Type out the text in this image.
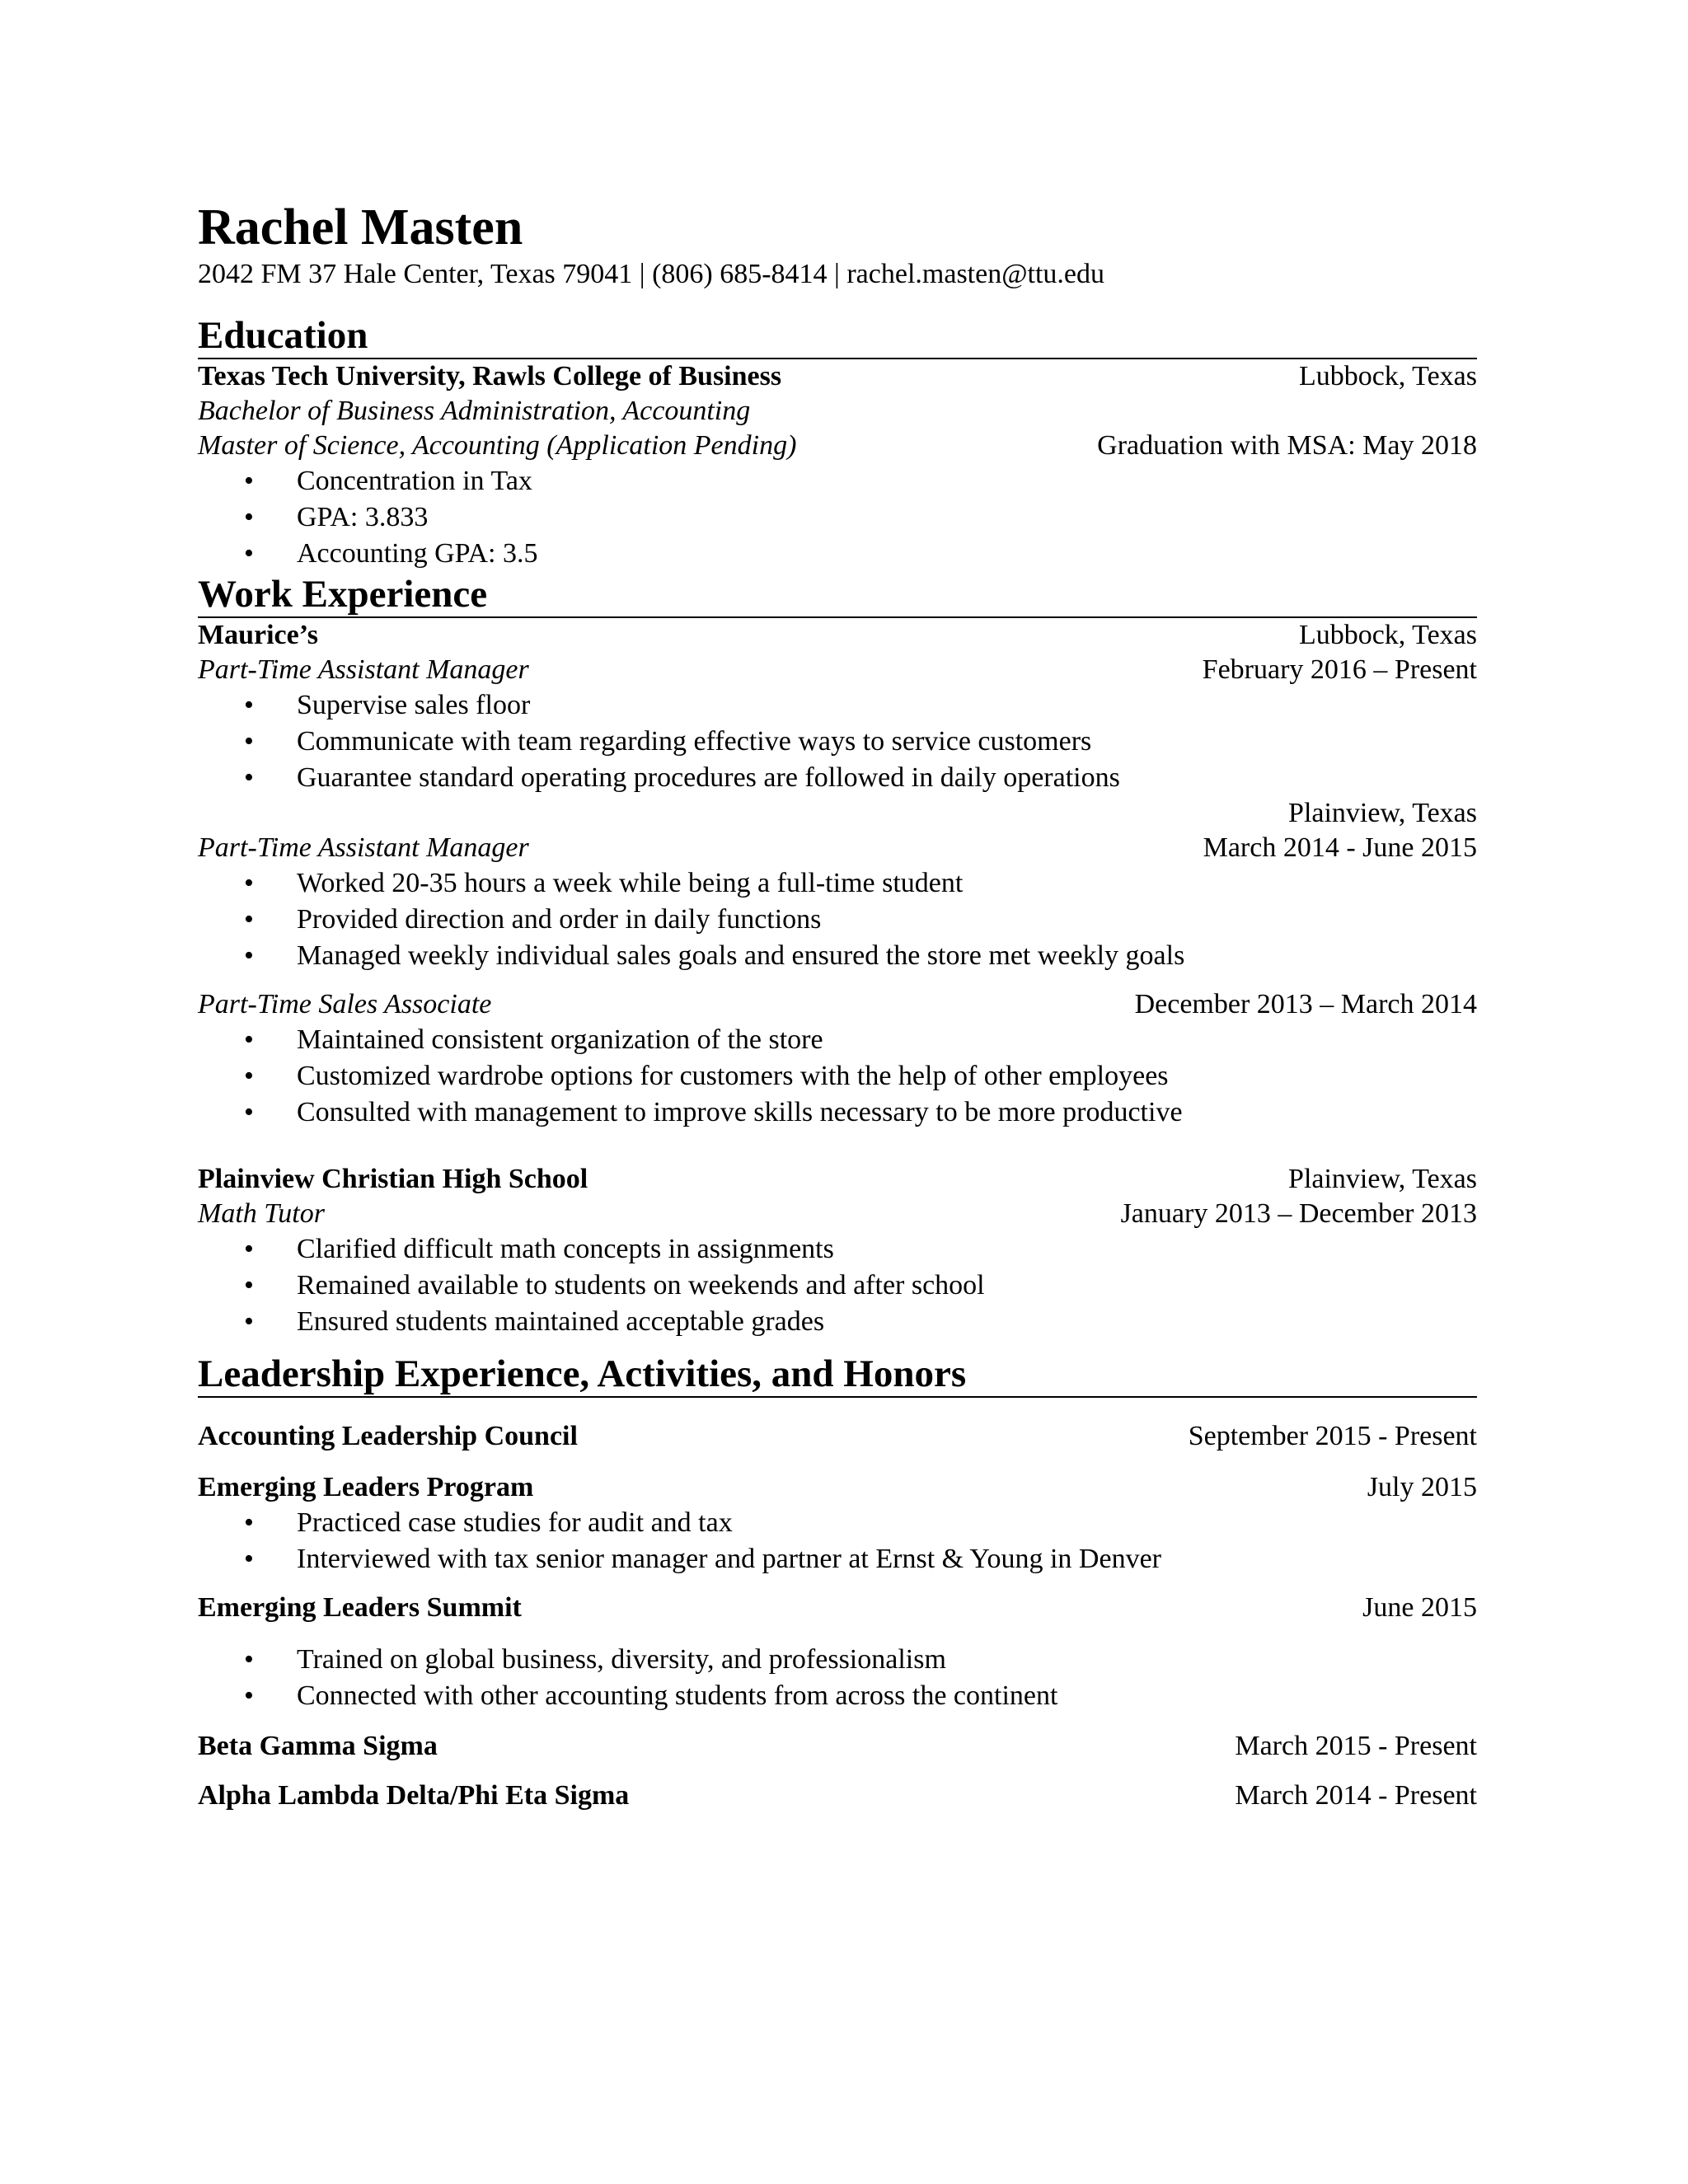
Rachel Masten
2042 FM 37 Hale Center, Texas 79041 | (806) 685-8414 | rachel.masten@ttu.edu
Education
Texas Tech University, Rawls College of Business	Lubbock, Texas
Bachelor of Business Administration, Accounting
Master of Science, Accounting (Application Pending)	Graduation with MSA: May 2018
• Concentration in Tax
• GPA: 3.833
• Accounting GPA: 3.5
Work Experience
Maurice’s	Lubbock, Texas
Part-Time Assistant Manager	February 2016 – Present
• Supervise sales floor
• Communicate with team regarding effective ways to service customers
• Guarantee standard operating procedures are followed in daily operations
Plainview, Texas
Part-Time Assistant Manager	March 2014 - June 2015
• Worked 20-35 hours a week while being a full-time student
• Provided direction and order in daily functions
• Managed weekly individual sales goals and ensured the store met weekly goals
Part-Time Sales Associate	December 2013 – March 2014
• Maintained consistent organization of the store
• Customized wardrobe options for customers with the help of other employees
• Consulted with management to improve skills necessary to be more productive
Plainview Christian High School	Plainview, Texas
Math Tutor	January 2013 – December 2013
• Clarified difficult math concepts in assignments
• Remained available to students on weekends and after school
• Ensured students maintained acceptable grades
Leadership Experience, Activities, and Honors
Accounting Leadership Council	September 2015 - Present
Emerging Leaders Program	July 2015
• Practiced case studies for audit and tax
• Interviewed with tax senior manager and partner at Ernst & Young in Denver
Emerging Leaders Summit	June 2015
• Trained on global business, diversity, and professionalism
• Connected with other accounting students from across the continent
Beta Gamma Sigma	March 2015 - Present
Alpha Lambda Delta/Phi Eta Sigma	March 2014 - Present
